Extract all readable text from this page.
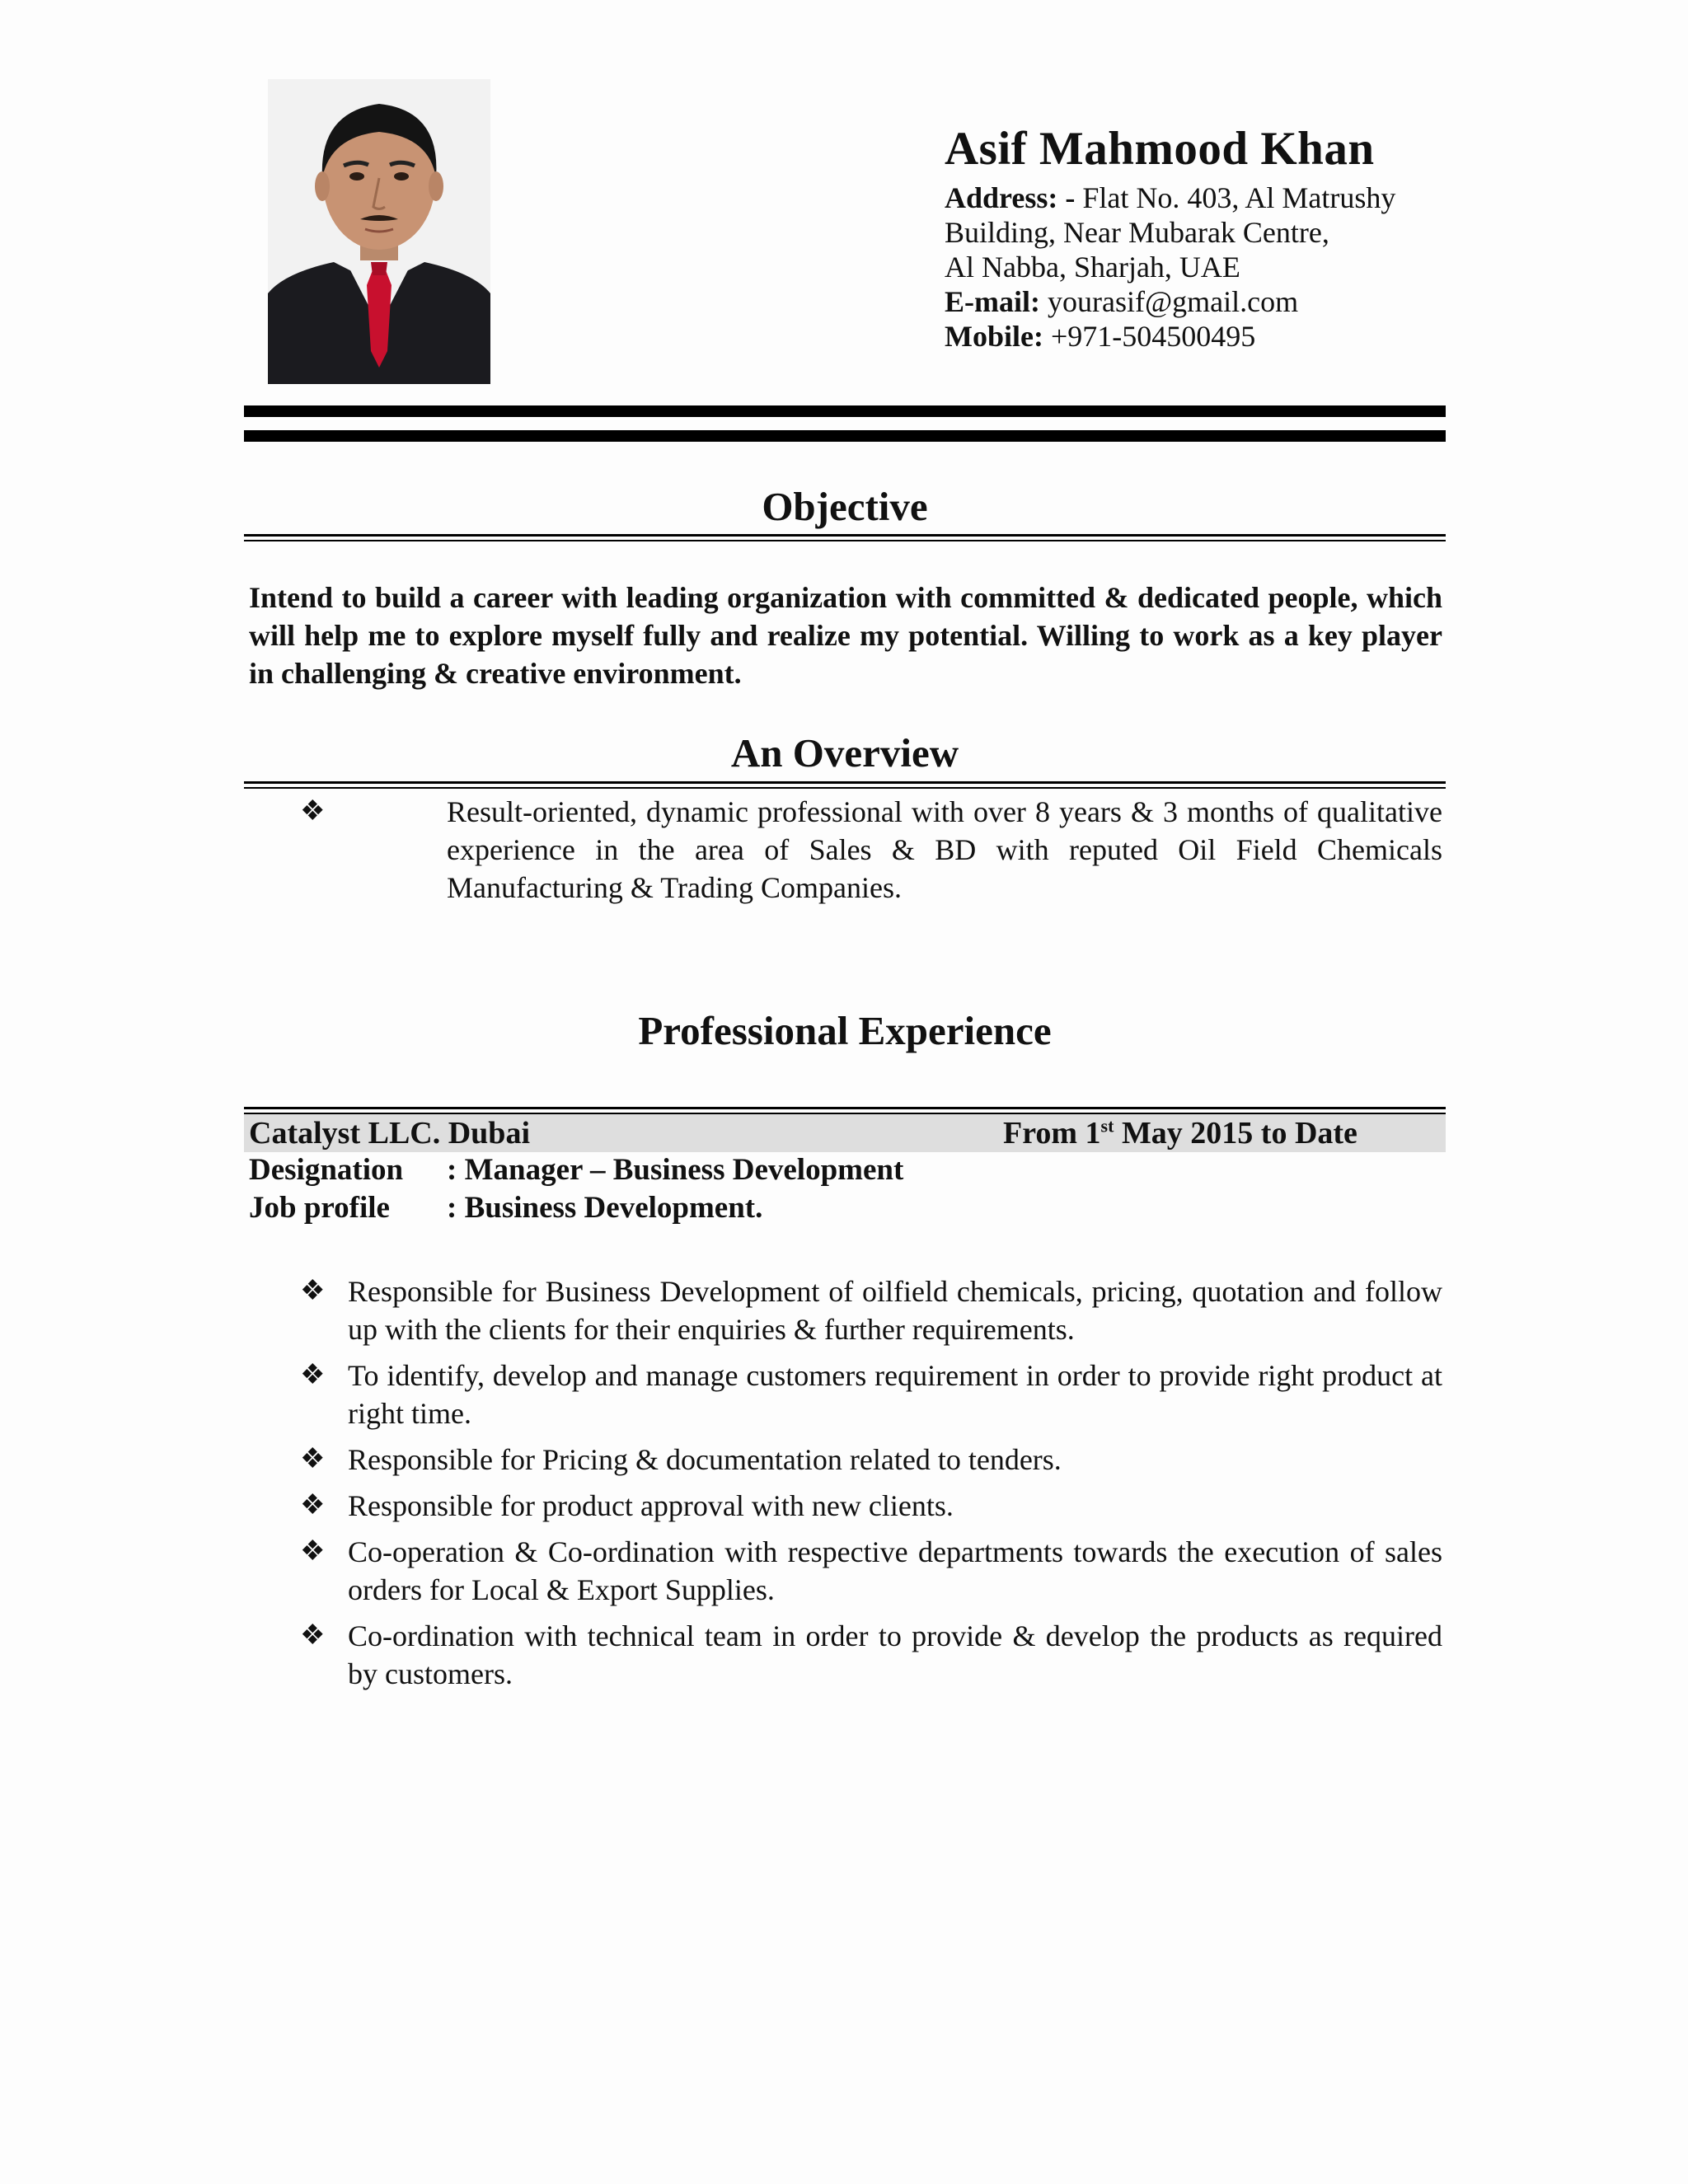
Asif Mahmood Khan
Address: - Flat No. 403, Al Matrushy
Building, Near Mubarak Centre,
Al Nabba, Sharjah, UAE
E-mail: yourasif@gmail.com
Mobile: +971-504500495
Objective
Intend to build a career with leading organization with committed & dedicated people, which will help me to explore myself fully and realize my potential. Willing to work as a key player in challenging & creative environment.
An Overview
❖	Result-oriented, dynamic professional with over 8 years & 3 months of qualitative experience in the area of Sales & BD with reputed Oil Field Chemicals Manufacturing & Trading Companies.
Professional Experience
Catalyst LLC. Dubai	From 1st May 2015 to Date
Designation : Manager – Business Development
Job profile : Business Development.
❖ Responsible for Business Development of oilfield chemicals, pricing, quotation and follow up with the clients for their enquiries & further requirements.
❖ To identify, develop and manage customers requirement in order to provide right product at right time.
❖ Responsible for Pricing & documentation related to tenders.
❖ Responsible for product approval with new clients.
❖ Co-operation & Co-ordination with respective departments towards the execution of sales orders for Local & Export Supplies.
❖ Co-ordination with technical team in order to provide & develop the products as required by customers.
